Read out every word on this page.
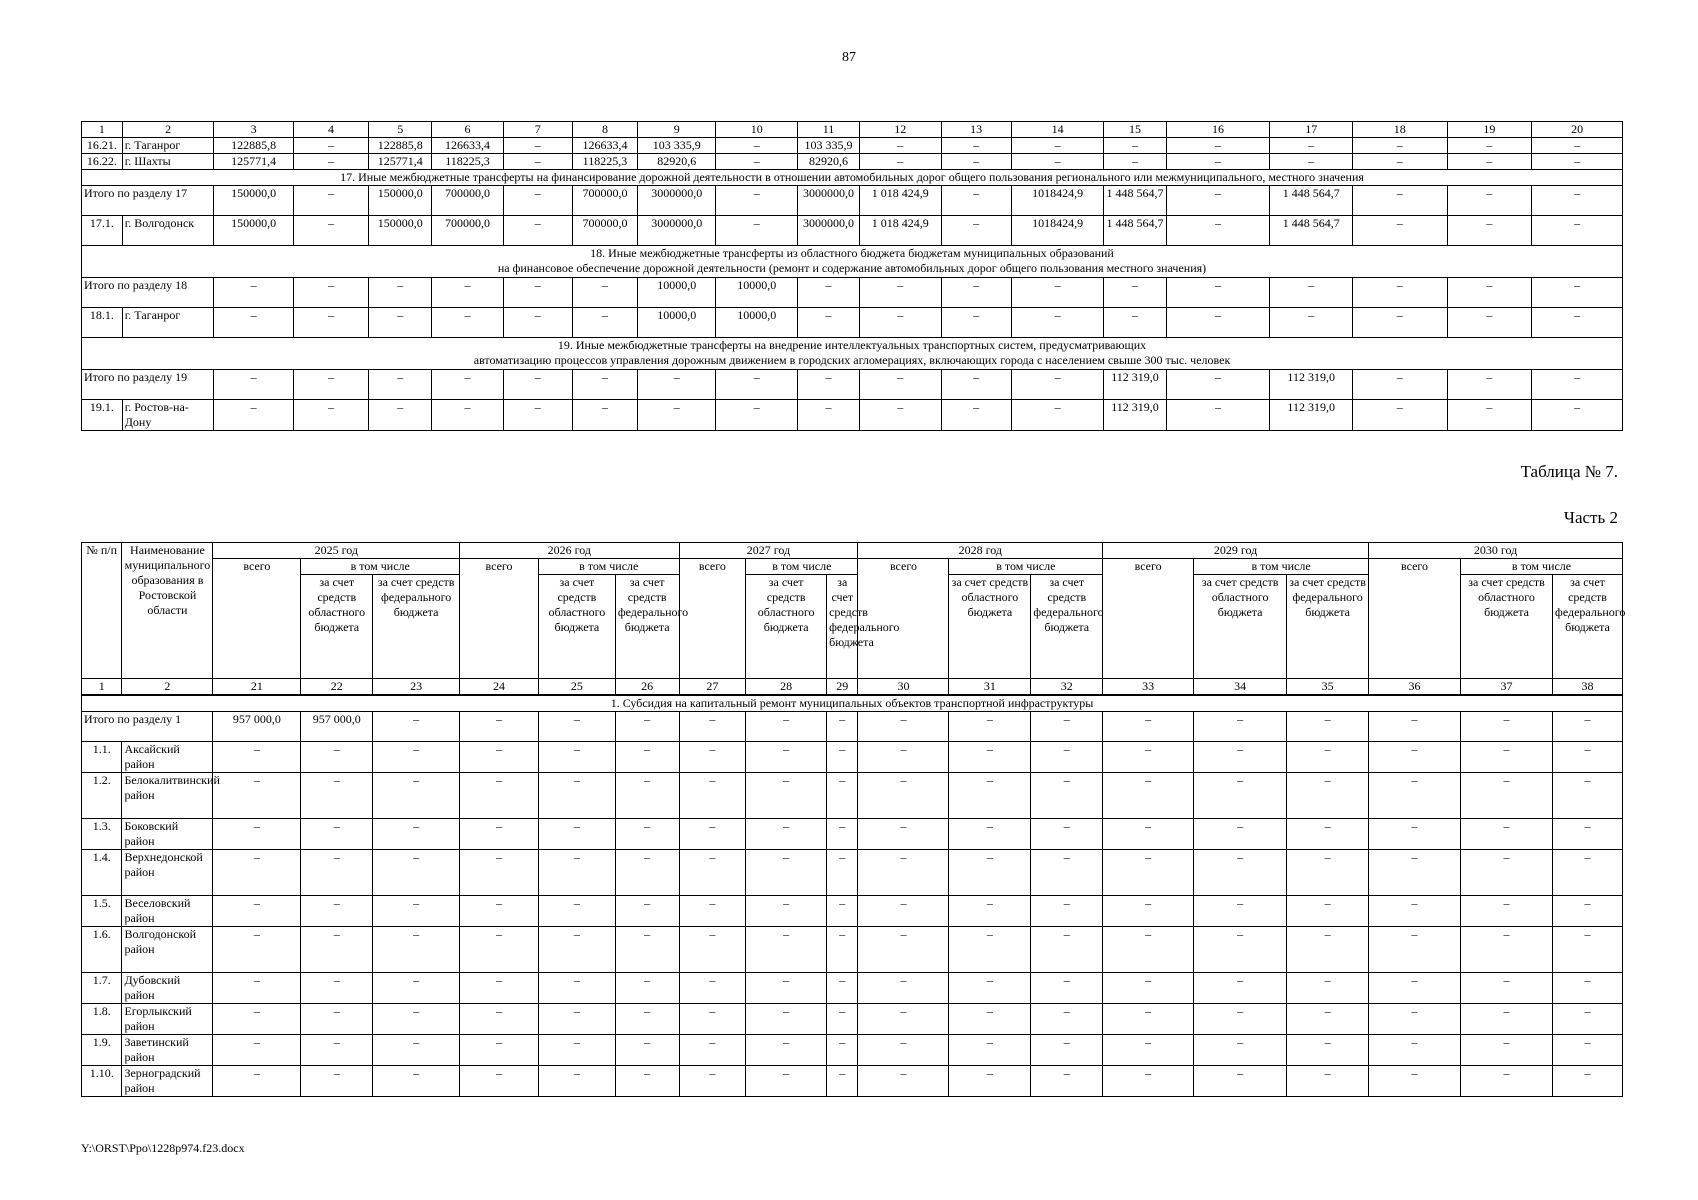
87
1	2	3	4	5	6	7	8	9	10	11	12	13	14	15	16	17	18	19	20
16.21.	г. Таганрог	122885,8	–	122885,8	126633,4	–	126633,4	103 335,9	–	103 335,9	–	–	–	–	–	–	–	–	–
16.22.	г. Шахты	125771,4	–	125771,4	118225,3	–	118225,3	82920,6	–	82920,6	–	–	–	–	–	–	–	–	–
17. Иные межбюджетные трансферты на финансирование дорожной деятельности в отношении автомобильных дорог общего пользования регионального или межмуниципального, местного значения																			
Итого по разделу 17		150000,0	–	150000,0	700000,0	–	700000,0	3000000,0	–	3000000,0	1 018 424,9	–	1018424,9	1 448 564,7	–	1 448 564,7	–	–	–
17.1.	г. Волгодонск	150000,0	–	150000,0	700000,0	–	700000,0	3000000,0	–	3000000,0	1 018 424,9	–	1018424,9	1 448 564,7	–	1 448 564,7	–	–	–

18. Иные межбюджетные трансферты из областного бюджета бюджетам муниципальных образований
на финансовое обеспечение дорожной деятельности (ремонт и содержание автомобильных дорог общего пользования местного значения)																			

Итого по разделу 18		–	–	–	–	–	–	10000,0	10000,0	–	–	–	–	–	–	–	–	–	–
18.1.	г. Таганрог	–	–	–	–	–	–	10000,0	10000,0	–	–	–	–	–	–	–	–	–	–

19. Иные межбюджетные трансферты на внедрение интеллектуальных транспортных систем, предусматривающих
автоматизацию процессов управления дорожным движением в городских агломерациях, включающих города с населением свыше 300 тыс. человек																			

Итого по разделу 19		–	–	–	–	–	–	–	–	–	–	–	–	112 319,0	–	112 319,0	–	–	–
19.1.	г. Ростов-на-Дону	–	–	–	–	–	–	–	–	–	–	–	–	112 319,0	–	112 319,0	–	–	–
Таблица № 7.
Часть 2
№ п/п	Наименование муниципального образования в Ростовской области	2025 год			2026 год			2027 год			2028 год			2029 год			2030 год		
		всего	в том числе		всего	в том числе		всего	в том числе		всего	в том числе		всего	в том числе		всего	в том числе	
			за счет средств областного бюджета	за счет средств федерального бюджета		за счет средств областного бюджета	за счет средств федерального бюджета		за счет средств областного бюджета	за счет средств федерального бюджета		за счет средств областного бюджета	за счет средств федерального бюджета		за счет средств областного бюджета	за счет средств федерального бюджета		за счет средств областного бюджета	за счет средств федерального бюджета
1	2	21	22	23	24	25	26	27	28	29	30	31	32	33	34	35	36	37	38
1. Субсидия на капитальный ремонт муниципальных объектов транспортной инфраструктуры																			
Итого по разделу 1		957 000,0	957 000,0	–	–	–	–	–	–	–	–	–	–	–	–	–	–	–	–
1.1.	Аксайский район	–	–	–	–	–	–	–	–	–	–	–	–	–	–	–	–	–	–
1.2.	Белокалитвинский район	–	–	–	–	–	–	–	–	–	–	–	–	–	–	–	–	–	–
1.3.	Боковский район	–	–	–	–	–	–	–	–	–	–	–	–	–	–	–	–	–	–
1.4.	Верхнедонской район	–	–	–	–	–	–	–	–	–	–	–	–	–	–	–	–	–	–
1.5.	Веселовский район	–	–	–	–	–	–	–	–	–	–	–	–	–	–	–	–	–	–
1.6.	Волгодонской район	–	–	–	–	–	–	–	–	–	–	–	–	–	–	–	–	–	–
1.7.	Дубовский район	–	–	–	–	–	–	–	–	–	–	–	–	–	–	–	–	–	–
1.8.	Егорлыкский район	–	–	–	–	–	–	–	–	–	–	–	–	–	–	–	–	–	–
1.9.	Заветинский район	–	–	–	–	–	–	–	–	–	–	–	–	–	–	–	–	–	–
1.10.	Зерноградский район	–	–	–	–	–	–	–	–	–	–	–	–	–	–	–	–	–	–
Y:\ORST\Ppo\1228p974.f23.docx
